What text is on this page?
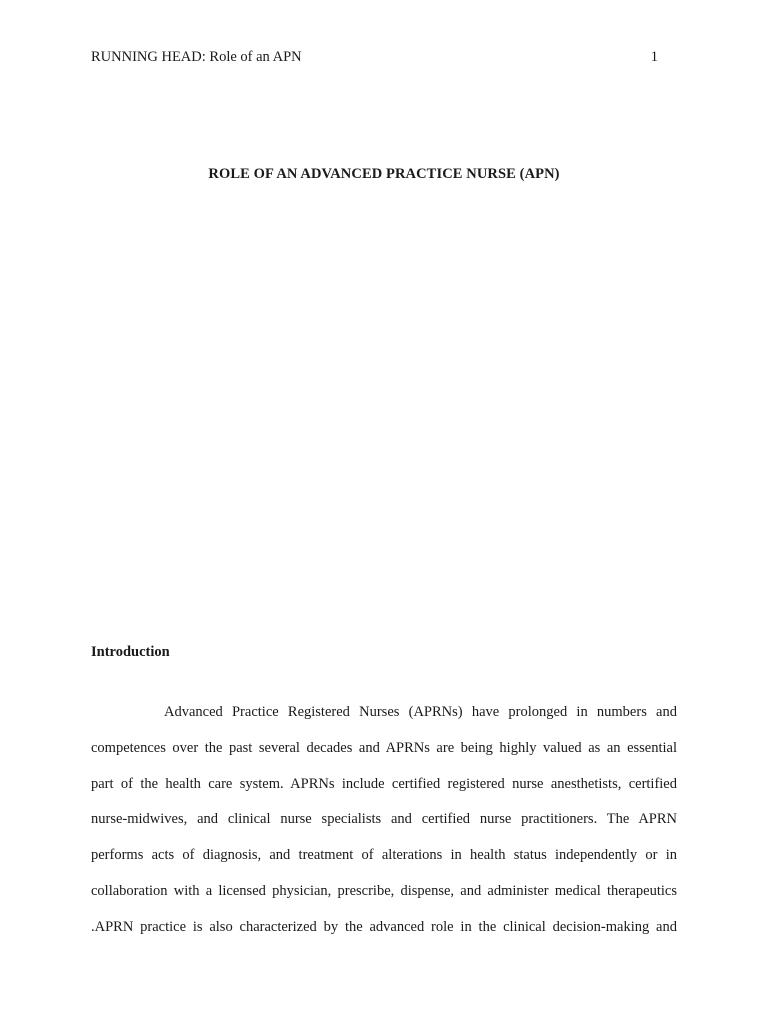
RUNNING HEAD: Role of an APN	1
ROLE OF AN ADVANCED PRACTICE NURSE (APN)
Introduction
Advanced Practice Registered Nurses (APRNs) have prolonged in numbers and
competences over the past several decades and APRNs are being highly valued as an essential
part of the health care system. APRNs include certified registered nurse anesthetists, certified
nurse-midwives, and clinical nurse specialists and certified nurse practitioners. The APRN
performs acts of diagnosis, and treatment of alterations in health status independently or in
collaboration with a licensed physician, prescribe, dispense, and administer medical therapeutics
.APRN practice is also characterized by the advanced role in the clinical decision-making and
